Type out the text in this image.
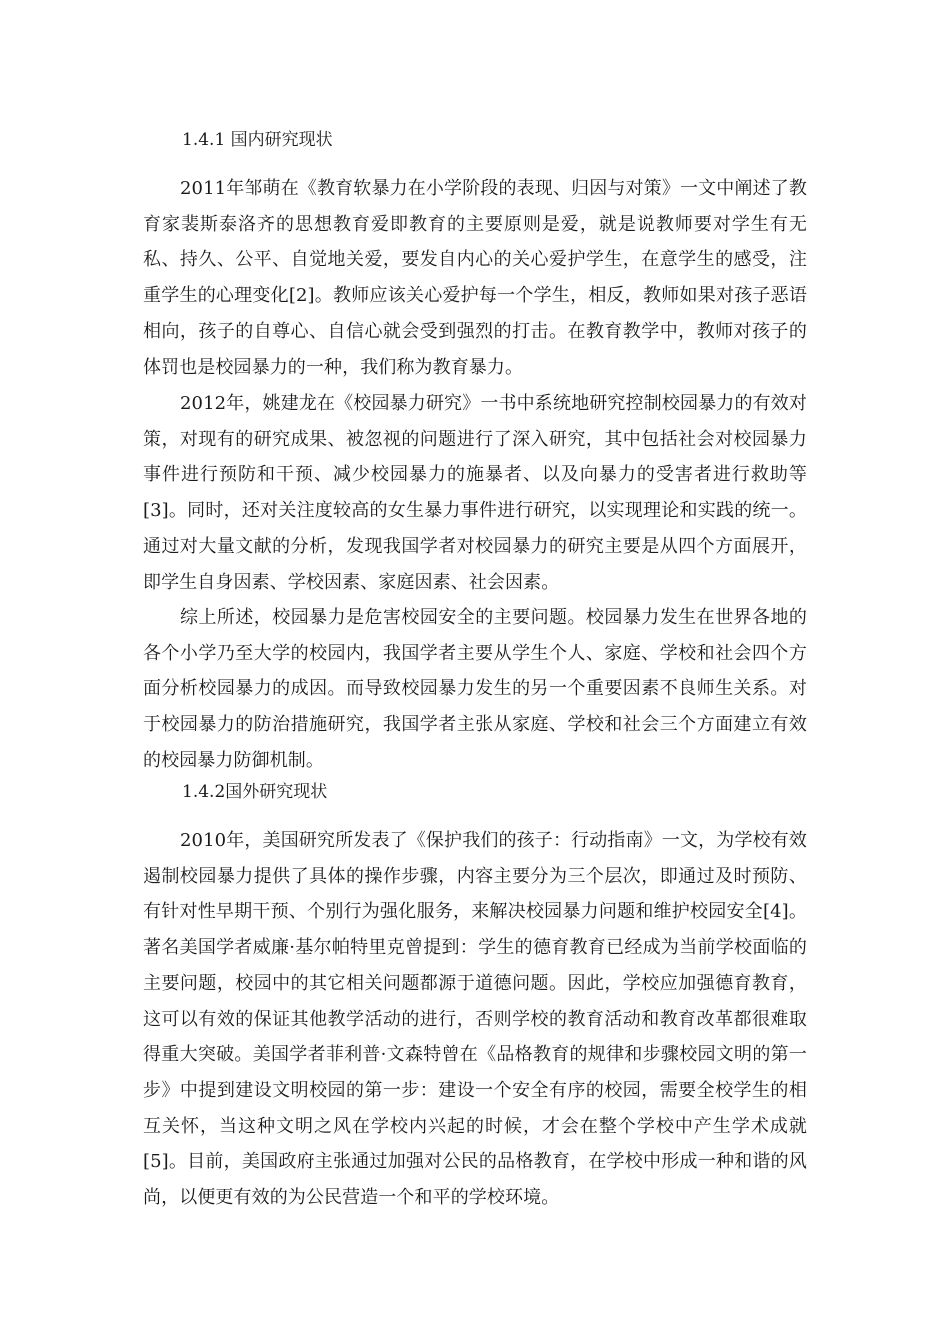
1.4.1 国内研究现状

2011年邹萌在《教育软暴力在小学阶段的表现、归因与对策》一文中阐述了教育家裴斯泰洛齐的思想教育爱即教育的主要原则是爱，就是说教师要对学生有无私、持久、公平、自觉地关爱，要发自内心的关心爱护学生，在意学生的感受，注重学生的心理变化[2]。教师应该关心爱护每一个学生，相反，教师如果对孩子恶语相向，孩子的自尊心、自信心就会受到强烈的打击。在教育教学中，教师对孩子的体罚也是校园暴力的一种，我们称为教育暴力。

2012年，姚建龙在《校园暴力研究》一书中系统地研究控制校园暴力的有效对策，对现有的研究成果、被忽视的问题进行了深入研究，其中包括社会对校园暴力事件进行预防和干预、减少校园暴力的施暴者、以及向暴力的受害者进行救助等[3]。同时，还对关注度较高的女生暴力事件进行研究，以实现理论和实践的统一。通过对大量文献的分析，发现我国学者对校园暴力的研究主要是从四个方面展开，即学生自身因素、学校因素、家庭因素、社会因素。

综上所述，校园暴力是危害校园安全的主要问题。校园暴力发生在世界各地的各个小学乃至大学的校园内，我国学者主要从学生个人、家庭、学校和社会四个方面分析校园暴力的成因。而导致校园暴力发生的另一个重要因素不良师生关系。对于校园暴力的防治措施研究，我国学者主张从家庭、学校和社会三个方面建立有效的校园暴力防御机制。

1.4.2国外研究现状

2010年，美国研究所发表了《保护我们的孩子：行动指南》一文，为学校有效遏制校园暴力提供了具体的操作步骤，内容主要分为三个层次，即通过及时预防、有针对性早期干预、个别行为强化服务，来解决校园暴力问题和维护校园安全[4]。著名美国学者威廉·基尔帕特里克曾提到：学生的德育教育已经成为当前学校面临的主要问题，校园中的其它相关问题都源于道德问题。因此，学校应加强德育教育，这可以有效的保证其他教学活动的进行，否则学校的教育活动和教育改革都很难取得重大突破。美国学者菲利普·文森特曾在《品格教育的规律和步骤校园文明的第一步》中提到建设文明校园的第一步：建设一个安全有序的校园，需要全校学生的相互关怀，当这种文明之风在学校内兴起的时候，才会在整个学校中产生学术成就[5]。目前，美国政府主张通过加强对公民的品格教育，在学校中形成一种和谐的风尚，以便更有效的为公民营造一个和平的学校环境。
